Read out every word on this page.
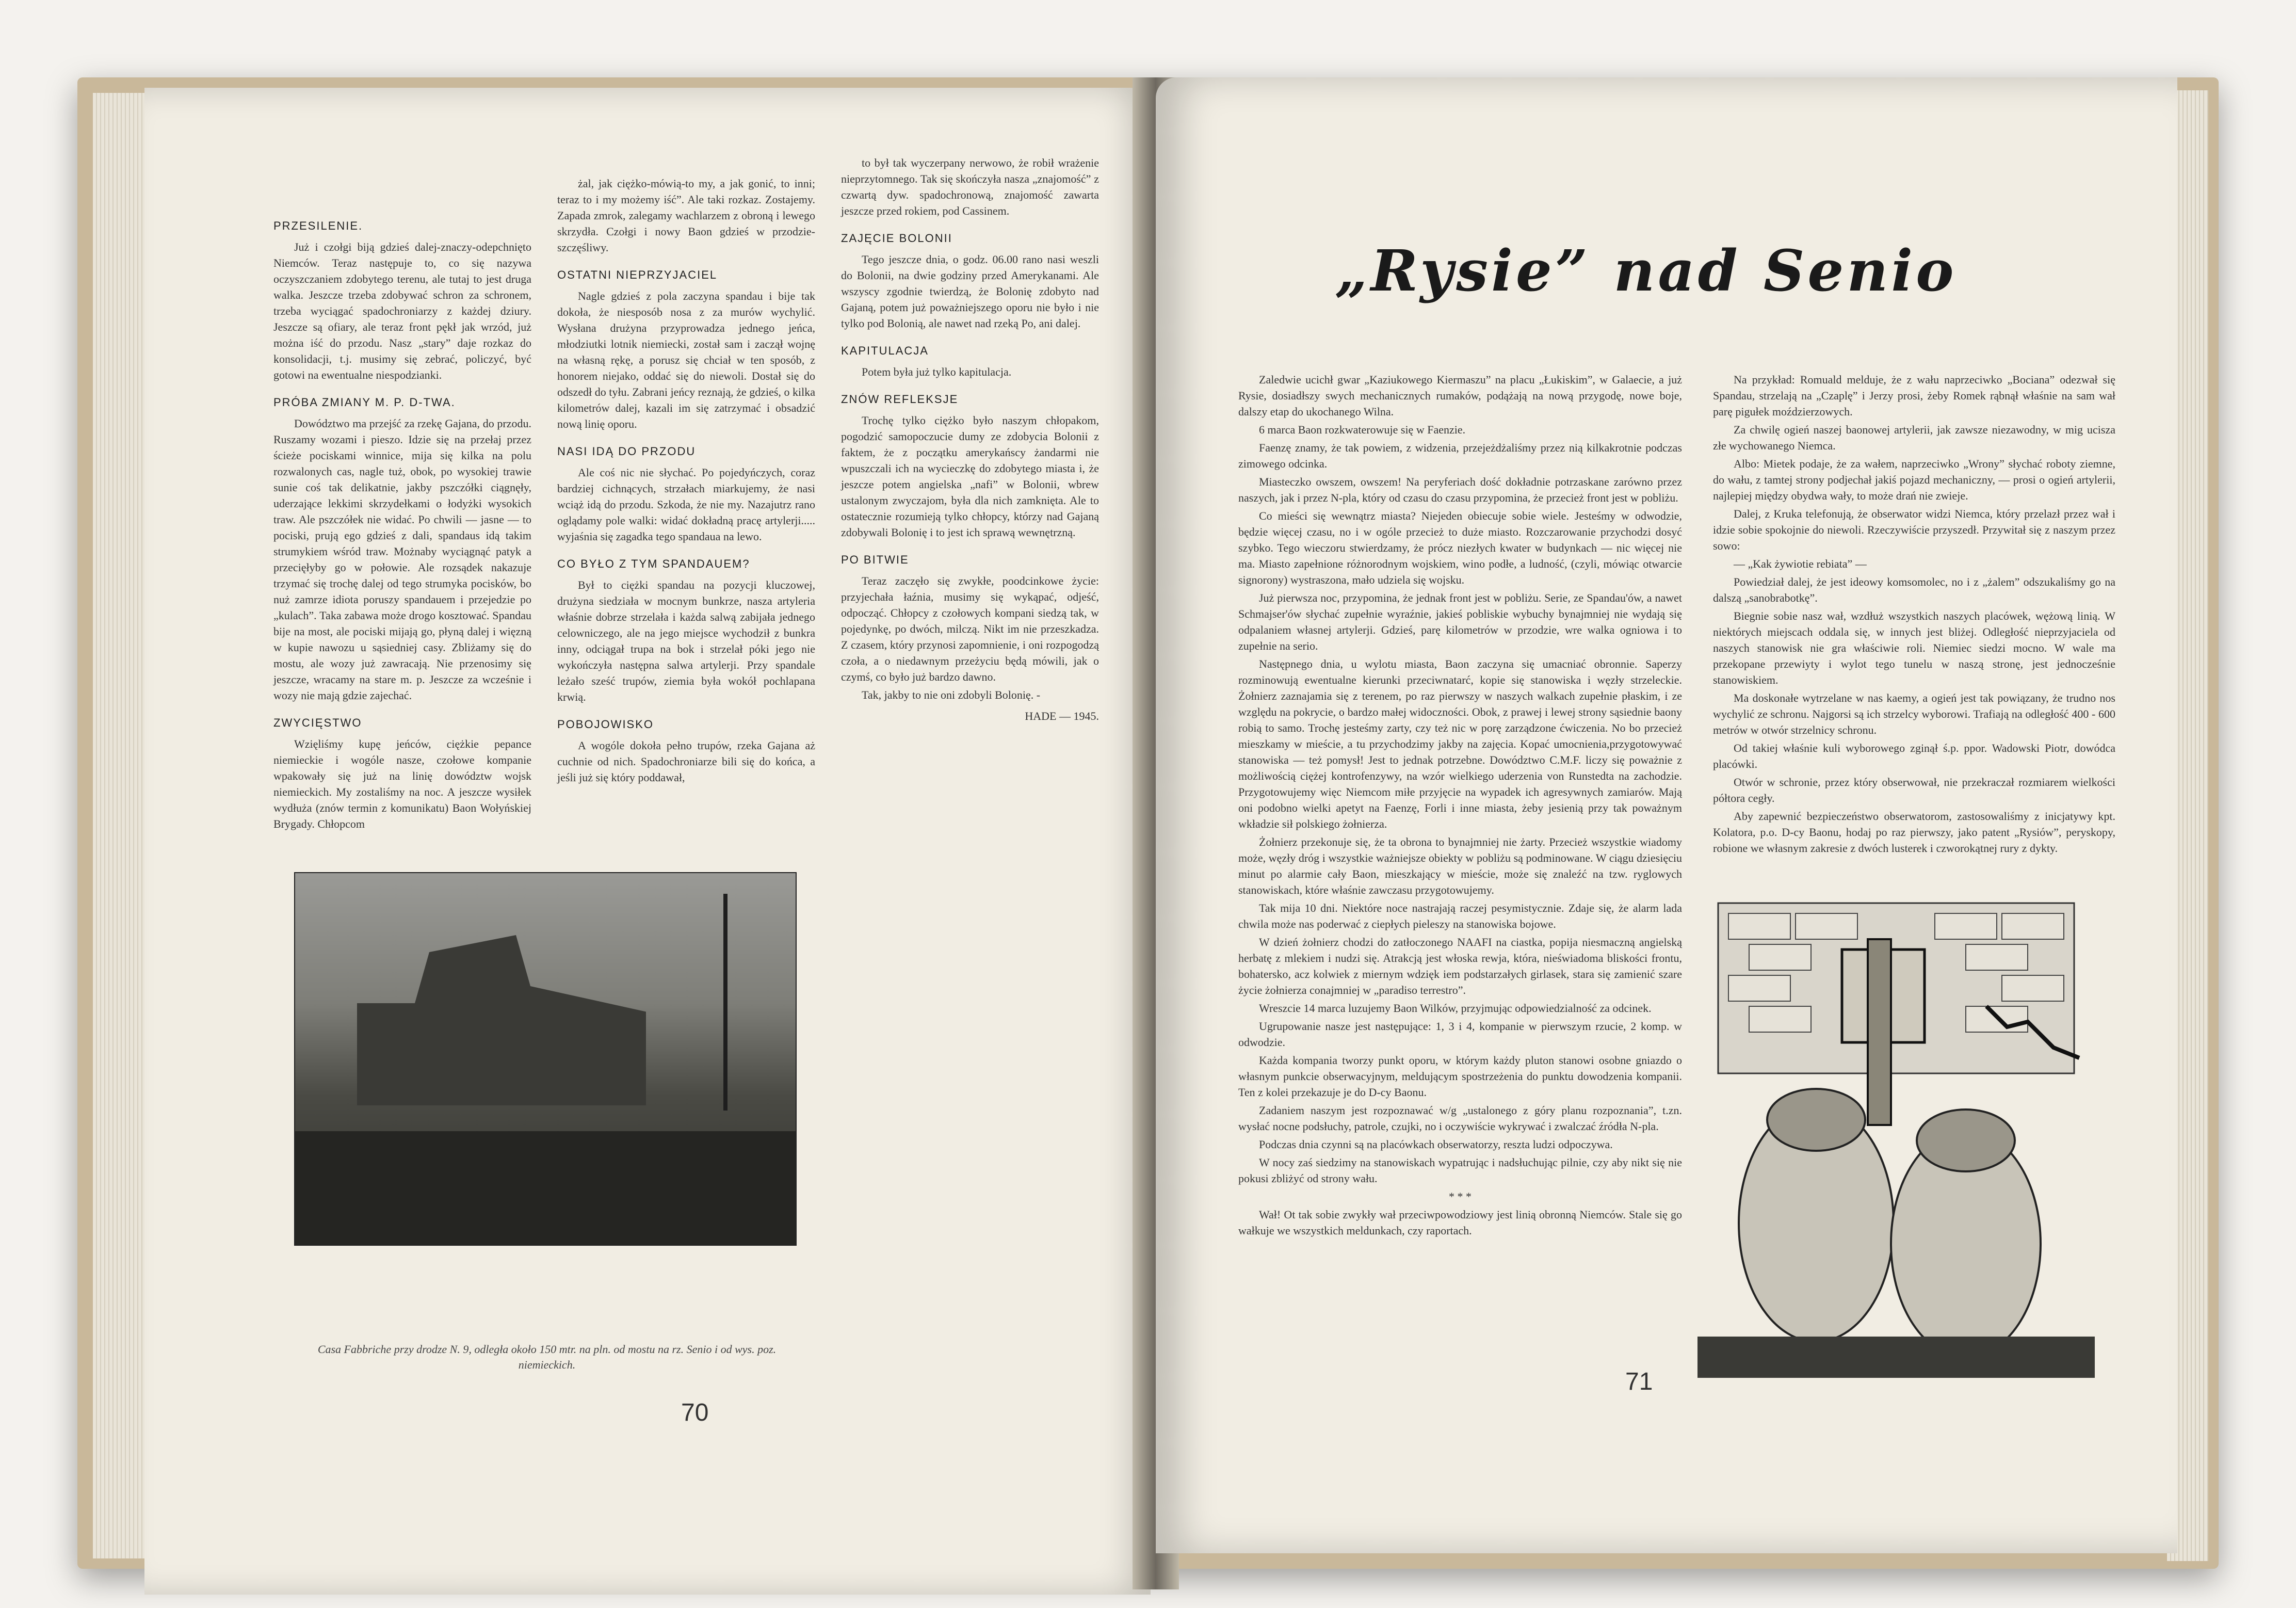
PRZESILENIE.

Już i czołgi biją gdzieś dalej-znaczy-odepchnięto Niemców. Teraz następuje to, co się nazywa oczyszczaniem zdobytego terenu, ale tutaj to jest druga walka. Jeszcze trzeba zdobywać schron za schronem, trzeba wyciągać spadochroniarzy z każdej dziury. Jeszcze są ofiary, ale teraz front pękł jak wrzód, już można iść do przodu. Nasz „stary” daje rozkaz do konsolidacji, t.j. musimy się zebrać, policzyć, być gotowi na ewentualne niespodzianki.

PRÓBA ZMIANY M. P. D-TWA.

Dowództwo ma przejść za rzekę Gajana, do przodu. Ruszamy wozami i pieszo. Idzie się na przełaj przez ścieże pociskami winnice, mija się kilka na polu rozwalonych cas, nagle tuż, obok, po wysokiej trawie sunie coś tak delikatnie, jakby pszczółki ciągnęły, uderzające lekkimi skrzydełkami o łodyżki wysokich traw. Ale pszczółek nie widać. Po chwili — jasne — to pociski, prują ego gdzieś z dali, spandaus idą takim strumykiem wśród traw. Możnaby wyciągnąć patyk a przecięłyby go w połowie. Ale rozsądek nakazuje trzymać się trochę dalej od tego strumyka pocisków, bo nuż zamrze idiota poruszy spandauem i przejedzie po „kulach”. Taka zabawa może drogo kosztować. Spandau bije na most, ale pociski mijają go, płyną dalej i więzną w kupie nawozu u sąsiedniej casy. Zbliżamy się do mostu, ale wozy już zawracają. Nie przenosimy się jeszcze, wracamy na stare m. p. Jeszcze za wcześnie i wozy nie mają gdzie zajechać.

ZWYCIĘSTWO

Wzięliśmy kupę jeńców, ciężkie pepance niemieckie i wogóle nasze, czołowe kompanie wpakowały się już na linię dowództw wojsk niemieckich. My zostaliśmy na noc. A jeszcze wysiłek wydłuża (znów termin z komunikatu) Baon Wołyńskiej Brygady. Chłopcom

żal, jak ciężko-mówią-to my, a jak gonić, to inni; teraz to i my możemy iść”. Ale taki rozkaz. Zostajemy. Zapada zmrok, zalegamy wachlarzem z obroną i lewego skrzydła. Czołgi i nowy Baon gdzieś w przodzie-szczęśliwy.

OSTATNI NIEPRZYJACIEL

Nagle gdzieś z pola zaczyna spandau i bije tak dokoła, że niesposób nosa z za murów wychylić. Wysłana drużyna przyprowadza jednego jeńca, młodziutki lotnik niemiecki, został sam i zaczął wojnę na własną rękę, a porusz się chciał w ten sposób, z honorem niejako, oddać się do niewoli. Dostał się do odszedł do tyłu. Zabrani jeńcy reznają, że gdzieś, o kilka kilometrów dalej, kazali im się zatrzymać i obsadzić nową linię oporu.

NASI IDĄ DO PRZODU

Ale coś nic nie słychać. Po pojedyńczych, coraz bardziej cichnących, strzałach miarkujemy, że nasi wciąż idą do przodu. Szkoda, że nie my. Nazajutrz rano oglądamy pole walki: widać dokładną pracę artylerji..... wyjaśnia się zagadka tego spandaua na lewo.

CO BYŁO Z TYM SPANDAUEM?

Był to ciężki spandau na pozycji kluczowej, drużyna siedziała w mocnym bunkrze, nasza artyleria właśnie dobrze strzelała i każda salwą zabijała jednego celowniczego, ale na jego miejsce wychodził z bunkra inny, odciągał trupa na bok i strzelał póki jego nie wykończyła następna salwa artylerji. Przy spandale leżało sześć trupów, ziemia była wokół pochlapana krwią.

POBOJOWISKO

A wogóle dokoła pełno trupów, rzeka Gajana aż cuchnie od nich. Spadochroniarze bili się do końca, a jeśli już się który poddawał,

to był tak wyczerpany nerwowo, że robił wrażenie nieprzytomnego. Tak się skończyła nasza „znajomość” z czwartą dyw. spadochronową, znajomość zawarta jeszcze przed rokiem, pod Cassinem.

ZAJĘCIE BOLONII

Tego jeszcze dnia, o godz. 06.00 rano nasi weszli do Bolonii, na dwie godziny przed Amerykanami. Ale wszyscy zgodnie twierdzą, że Bolonię zdobyto nad Gajaną, potem już poważniejszego oporu nie było i nie tylko pod Bolonią, ale nawet nad rzeką Po, ani dalej.

KAPITULACJA

Potem była już tylko kapitulacja.

ZNÓW REFLEKSJE

Trochę tylko ciężko było naszym chłopakom, pogodzić samopoczucie dumy ze zdobycia Bolonii z faktem, że z początku amerykańscy żandarmi nie wpuszczali ich na wycieczkę do zdobytego miasta i, że jeszcze potem angielska „nafi” w Bolonii, wbrew ustalonym zwyczajom, była dla nich zamknięta. Ale to ostatecznie rozumieją tylko chłopcy, którzy nad Gajaną zdobywali Bolonię i to jest ich sprawą wewnętrzną.

PO BITWIE

Teraz zaczęło się zwykłe, poodcinkowe życie: przyjechała łaźnia, musimy się wykąpać, odjeść, odpocząć. Chłopcy z czołowych kompani siedzą tak, w pojedynkę, po dwóch, milczą. Nikt im nie przeszkadza. Z czasem, który przynosi zapomnienie, i oni rozpogodzą czoła, a o niedawnym przeżyciu będą mówili, jak o czymś, co było już bardzo dawno.

Tak, jakby to nie oni zdobyli Bolonię. -

HADE — 1945.

Casa Fabbriche przy drodze N. 9, odległa około 150 mtr. na pln. od mostu na rz. Senio i od wys. poz. niemieckich.
70
„Rysie” nad Senio

Zaledwie ucichł gwar „Kaziukowego Kiermaszu” na placu „Łukiskim”, w Galaecie, a już Rysie, dosiadłszy swych mechanicznych rumaków, podążają na nową przygodę, nowe boje, dalszy etap do ukochanego Wilna.

6 marca Baon rozkwaterowuje się w Faenzie.

Faenzę znamy, że tak powiem, z widzenia, przejeżdżaliśmy przez nią kilkakrotnie podczas zimowego odcinka.

Miasteczko owszem, owszem! Na peryferiach dość dokładnie potrzaskane zarówno przez naszych, jak i przez N-pla, który od czasu do czasu przypomina, że przecież front jest w pobliżu.

Co mieści się wewnątrz miasta? Niejeden obiecuje sobie wiele. Jesteśmy w odwodzie, będzie więcej czasu, no i w ogóle przecież to duże miasto. Rozczarowanie przychodzi dosyć szybko. Tego wieczoru stwierdzamy, że prócz niezłych kwater w budynkach — nic więcej nie ma. Miasto zapełnione różnorodnym wojskiem, wino podłe, a ludność, (czyli, mówiąc otwarcie signorony) wystraszona, mało udziela się wojsku.

Już pierwsza noc, przypomina, że jednak front jest w pobliżu. Serie, ze Spandau'ów, a nawet Schmajser'ów słychać zupełnie wyraźnie, jakieś pobliskie wybuchy bynajmniej nie wydają się odpalaniem własnej artylerji. Gdzieś, parę kilometrów w przodzie, wre walka ogniowa i to zupełnie na serio.

Następnego dnia, u wylotu miasta, Baon zaczyna się umacniać obronnie. Saperzy rozminowują ewentualne kierunki przeciwnatarć, kopie się stanowiska i węzły strzeleckie. Żołnierz zaznajamia się z terenem, po raz pierwszy w naszych walkach zupełnie płaskim, i ze względu na pokrycie, o bardzo małej widoczności. Obok, z prawej i lewej strony sąsiednie baony robią to samo. Trochę jesteśmy zarty, czy też nic w porę zarządzone ćwiczenia. No bo przecież mieszkamy w mieście, a tu przychodzimy jakby na zajęcia. Kopać umocnienia,przygotowywać stanowiska — też pomysł! Jest to jednak potrzebne. Dowództwo C.M.F. liczy się poważnie z możliwością ciężej kontrofenzywy, na wzór wielkiego uderzenia von Runstedta na zachodzie. Przygotowujemy więc Niemcom miłe przyjęcie na wypadek ich agresywnych zamiarów. Mają oni podobno wielki apetyt na Faenzę, Forli i inne miasta, żeby jesienią przy tak poważnym wkładzie sił polskiego żołnierza.

Żołnierz przekonuje się, że ta obrona to bynajmniej nie żarty. Przecież wszystkie wiadomy może, węzły dróg i wszystkie ważniejsze obiekty w pobliżu są podminowane. W ciągu dziesięciu minut po alarmie cały Baon, mieszkający w mieście, może się znaleźć na tzw. ryglowych stanowiskach, które właśnie zawczasu przygotowujemy.

Tak mija 10 dni. Niektóre noce nastrajają raczej pesymistycznie. Zdaje się, że alarm lada chwila może nas poderwać z ciepłych pieleszy na stanowiska bojowe.

W dzień żołnierz chodzi do zatłoczonego NAAFI na ciastka, popija niesmaczną angielską herbatę z mlekiem i nudzi się. Atrakcją jest włoska rewja, która, nieświadoma bliskości frontu, bohatersko, acz kolwiek z miernym wdzięk iem podstarzałych girlasek, stara się zamienić szare życie żołnierza conajmniej w „paradiso terrestro”.

Wreszcie 14 marca luzujemy Baon Wilków, przyjmując odpowiedzialność za odcinek.

Ugrupowanie nasze jest następujące: 1, 3 i 4, kompanie w pierwszym rzucie, 2 komp. w odwodzie.

Każda kompania tworzy punkt oporu, w którym każdy pluton stanowi osobne gniazdo o własnym punkcie obserwacyjnym, meldującym spostrzeżenia do punktu dowodzenia kompanii. Ten z kolei przekazuje je do D-cy Baonu.

Zadaniem naszym jest rozpoznawać w/g „ustalonego z góry planu rozpoznania”, t.zn. wysłać nocne podsłuchy, patrole, czujki, no i oczywiście wykrywać i zwalczać źródła N-pla.

Podczas dnia czynni są na placówkach obserwatorzy, reszta ludzi odpoczywa.

W nocy zaś siedzimy na stanowiskach wypatrując i nadsłuchując pilnie, czy aby nikt się nie pokusi zbliżyć od strony wału.

* * *

Wał! Ot tak sobie zwykły wał przeciwpowodziowy jest linią obronną Niemców. Stale się go wałkuje we wszystkich meldunkach, czy raportach.

Na przykład: Romuald melduje, że z wału naprzeciwko „Bociana” odezwał się Spandau, strzelają na „Czaplę” i Jerzy prosi, żeby Romek rąbnął właśnie na sam wał parę pigułek moździerzowych.

Za chwilę ogień naszej baonowej artylerii, jak zawsze niezawodny, w mig ucisza złe wychowanego Niemca.

Albo: Mietek podaje, że za wałem, naprzeciwko „Wrony” słychać roboty ziemne, do wału, z tamtej strony podjechał jakiś pojazd mechaniczny, — prosi o ogień artylerii, najlepiej między obydwa wały, to może drań nie zwieje.

Dalej, z Kruka telefonują, że obserwator widzi Niemca, który przelazł przez wał i idzie sobie spokojnie do niewoli. Rzeczywiście przyszedł. Przywitał się z naszym przez sowo:

— „Kak żywiotie rebiata” —

Powiedział dalej, że jest ideowy komsomolec, no i z „żalem” odszukaliśmy go na dalszą „sanobrabotkę”.

Biegnie sobie nasz wał, wzdłuż wszystkich naszych placówek, wężową linią. W niektórych miejscach oddala się, w innych jest bliżej. Odległość nieprzyjaciela od naszych stanowisk nie gra właściwie roli. Niemiec siedzi mocno. W wale ma przekopane przewiyty i wylot tego tunelu w naszą stronę, jest jednocześnie stanowiskiem.

Ma doskonałe wytrzelane w nas kaemy, a ogień jest tak powiązany, że trudno nos wychylić ze schronu. Najgorsi są ich strzelcy wyborowi. Trafiają na odległość 400 - 600 metrów w otwór strzelnicy schronu.

Od takiej właśnie kuli wyborowego zginął ś.p. ppor. Wadowski Piotr, dowódca placówki.

Otwór w schronie, przez który obserwował, nie przekraczał rozmiarem wielkości półtora cegły.

Aby zapewnić bezpieczeństwo obserwatorom, zastosowaliśmy z inicjatywy kpt. Kolatora, p.o. D-cy Baonu, hodaj po raz pierwszy, jako patent „Rysiów”, peryskopy, robione we własnym zakresie z dwóch lusterek i czworokątnej rury z dykty.

71
